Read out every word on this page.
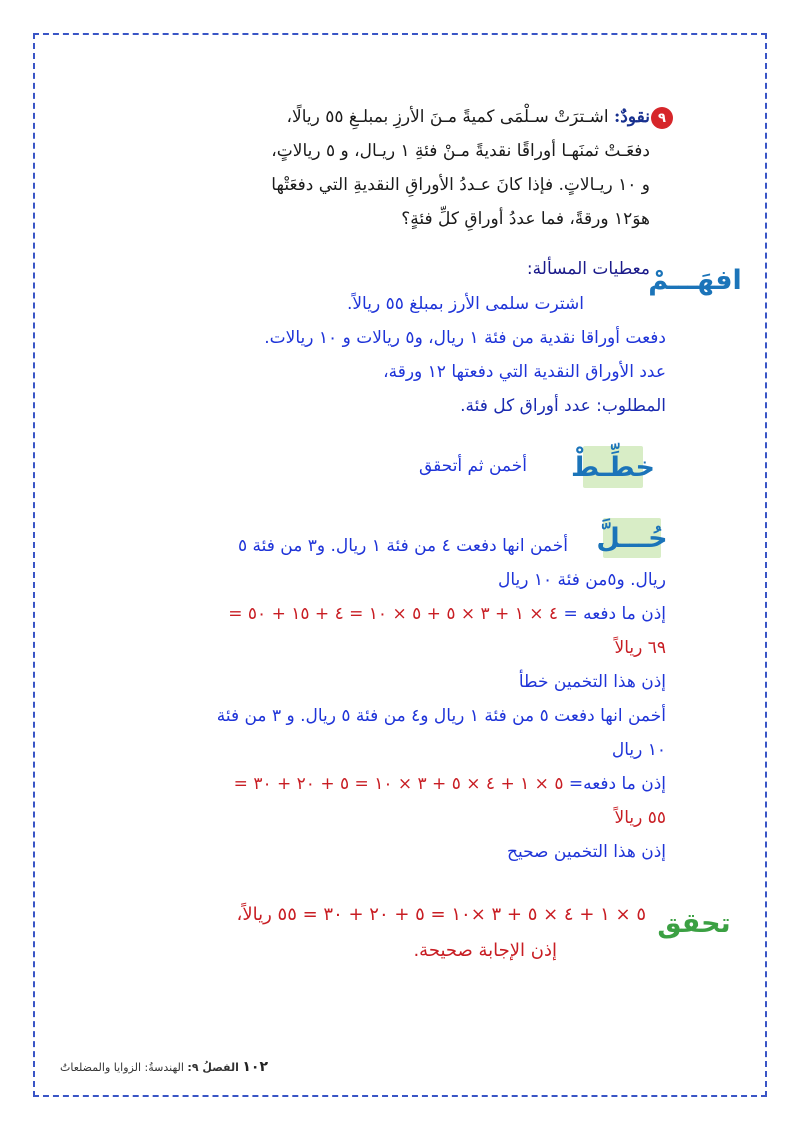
٩
نقودٌ: اشـترَتْ سـلْمَى كميةً مـنَ الأرزِ بمبلـغِ ٥٥ ريالًا،
دفعَـتْ ثمنَهـا أوراقًا نقديةً مـنْ فئةِ ١ ريـال، و ٥ ريالاتٍ،
و ١٠ ريـالاتٍ. فإذا كانَ عـددُ الأوراقِ النقديةِ التي دفعَتْها
هوَ١٢ ورقةً، فما عددُ أوراقِ كلِّ فئةٍ؟
افهَـــمْ
معطيات المسألة:
اشترت سلمى الأرز بمبلغ ٥٥ ريالاً.
دفعت أوراقا نقدية من فئة ١ ريال، و٥ ريالات و ١٠ ريالات.
عدد الأوراق النقدية التي دفعتها ١٢ ورقة،
المطلوب: عدد أوراق كل فئة.
خطِّـطْ
أخمن ثم أتحقق
حُـــلَّ
أخمن انها دفعت ٤ من فئة ١ ريال. و٣ من فئة ٥
ريال. و٥من فئة ١٠ ريال
إذن ما دفعه = ٤ × ١ + ٣ × ٥ + ٥ × ١٠ = ٤ + ١٥ + ٥٠ =
٦٩ ريالاً
إذن هذا التخمين خطأ
أخمن انها دفعت ٥ من فئة ١ ريال و٤ من فئة ٥ ريال. و ٣ من فئة
١٠ ريال
إذن ما دفعه= ٥ × ١ + ٤ × ٥ + ٣ × ١٠ = ٥ + ٢٠ + ٣٠ =
٥٥ ريالاً
إذن هذا التخمين صحيح
تحقق
٥ × ١ + ٤ × ٥ + ٣ ×١٠ = ٥ + ٢٠ + ٣٠ = ٥٥ ريالاً،
إذن الإجابة صحيحة.
١٠٢ الفصلُ ٩: الهندسةُ: الزوايا والمضلعاتُ
